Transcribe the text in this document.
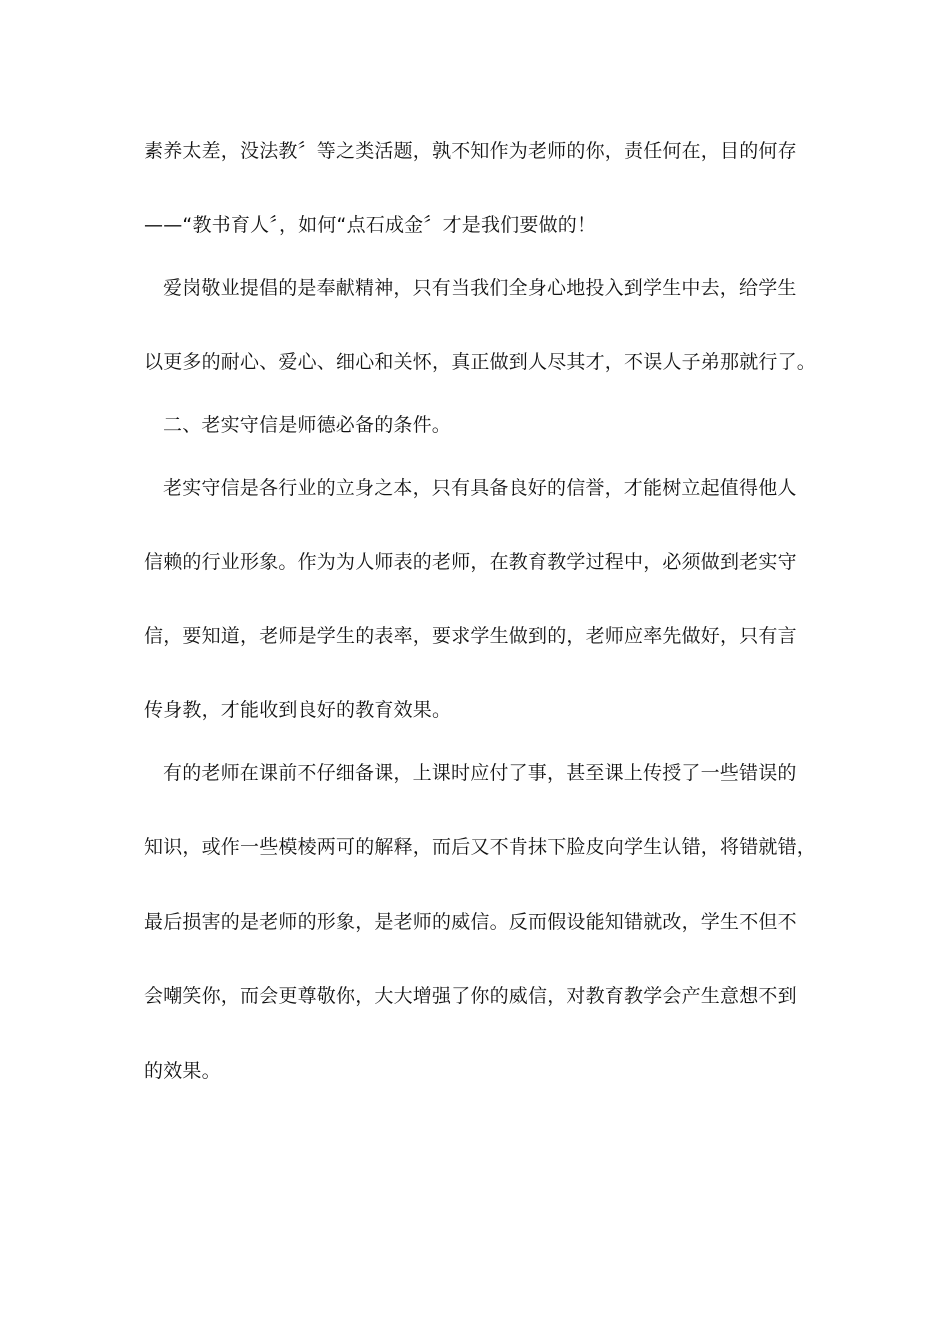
素养太差，没法教〞等之类活题，孰不知作为老师的你，责任何在，目的何存
——“教书育人〞，如何“点石成金〞才是我们要做的！
爱岗敬业提倡的是奉献精神，只有当我们全身心地投入到学生中去，给学生
以更多的耐心、爱心、细心和关怀，真正做到人尽其才，不误人子弟那就行了。
二、老实守信是师德必备的条件。
老实守信是各行业的立身之本，只有具备良好的信誉，才能树立起值得他人
信赖的行业形象。作为为人师表的老师，在教育教学过程中，必须做到老实守
信，要知道，老师是学生的表率，要求学生做到的，老师应率先做好，只有言
传身教，才能收到良好的教育效果。
有的老师在课前不仔细备课，上课时应付了事，甚至课上传授了一些错误的
知识，或作一些模棱两可的解释，而后又不肯抹下脸皮向学生认错，将错就错，
最后损害的是老师的形象，是老师的威信。反而假设能知错就改，学生不但不
会嘲笑你，而会更尊敬你，大大增强了你的威信，对教育教学会产生意想不到
的效果。
